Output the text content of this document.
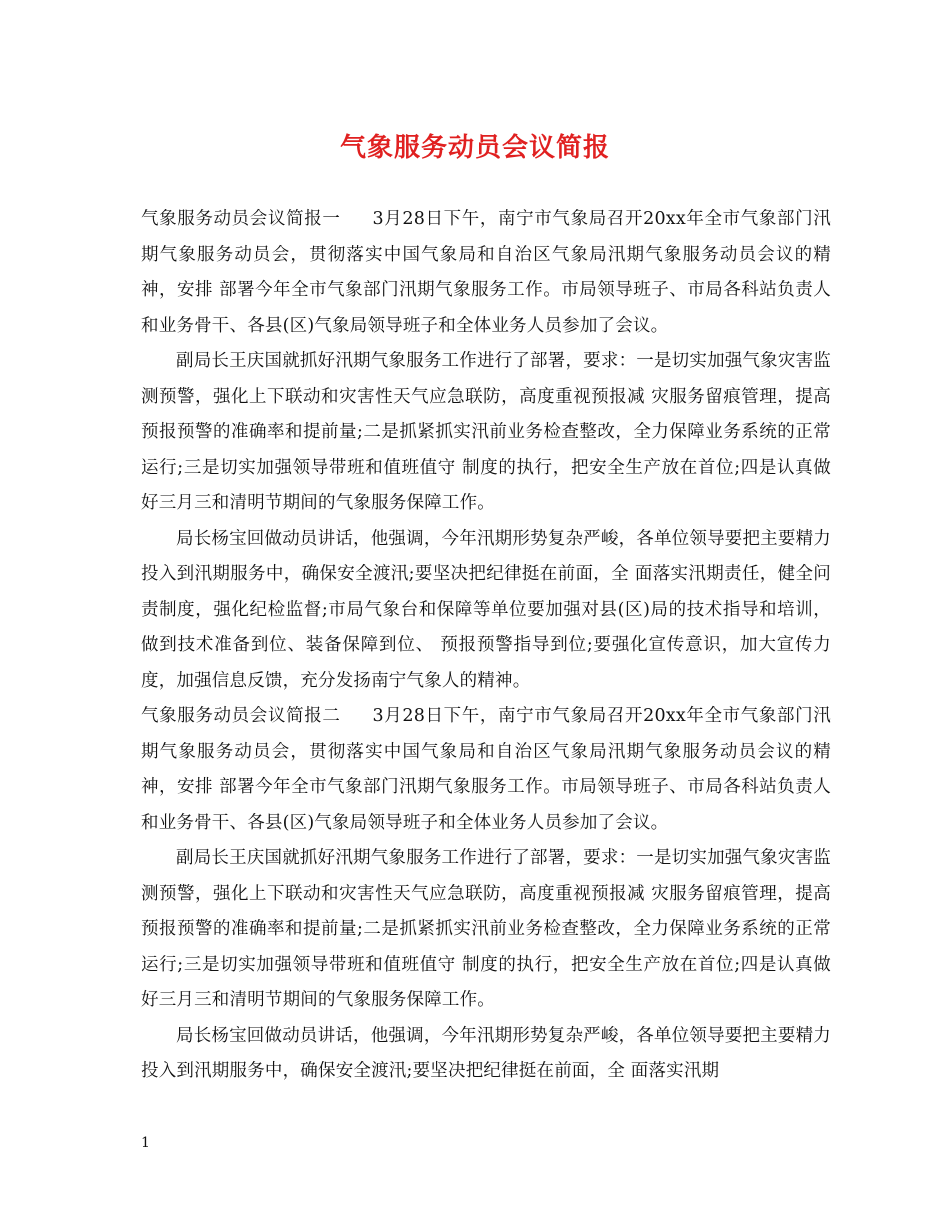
气象服务动员会议简报

气象服务动员会议简报一 3月28日下午，南宁市气象局召开20xx年全市气象部门汛期气象服务动员会，贯彻落实中国气象局和自治区气象局汛期气象服务动员会议的精神，安排 部署今年全市气象部门汛期气象服务工作。市局领导班子、市局各科站负责人和业务骨干、各县(区)气象局领导班子和全体业务人员参加了会议。

副局长王庆国就抓好汛期气象服务工作进行了部署，要求：一是切实加强气象灾害监测预警，强化上下联动和灾害性天气应急联防，高度重视预报减 灾服务留痕管理，提高预报预警的准确率和提前量;二是抓紧抓实汛前业务检查整改，全力保障业务系统的正常运行;三是切实加强领导带班和值班值守 制度的执行，把安全生产放在首位;四是认真做好三月三和清明节期间的气象服务保障工作。

局长杨宝回做动员讲话，他强调，今年汛期形势复杂严峻，各单位领导要把主要精力投入到汛期服务中，确保安全渡汛;要坚决把纪律挺在前面，全 面落实汛期责任，健全问责制度，强化纪检监督;市局气象台和保障等单位要加强对县(区)局的技术指导和培训，做到技术准备到位、装备保障到位、 预报预警指导到位;要强化宣传意识，加大宣传力度，加强信息反馈，充分发扬南宁气象人的精神。

气象服务动员会议简报二 3月28日下午，南宁市气象局召开20xx年全市气象部门汛期气象服务动员会，贯彻落实中国气象局和自治区气象局汛期气象服务动员会议的精神，安排 部署今年全市气象部门汛期气象服务工作。市局领导班子、市局各科站负责人和业务骨干、各县(区)气象局领导班子和全体业务人员参加了会议。

副局长王庆国就抓好汛期气象服务工作进行了部署，要求：一是切实加强气象灾害监测预警，强化上下联动和灾害性天气应急联防，高度重视预报减 灾服务留痕管理，提高预报预警的准确率和提前量;二是抓紧抓实汛前业务检查整改，全力保障业务系统的正常运行;三是切实加强领导带班和值班值守 制度的执行，把安全生产放在首位;四是认真做好三月三和清明节期间的气象服务保障工作。

局长杨宝回做动员讲话，他强调，今年汛期形势复杂严峻，各单位领导要把主要精力投入到汛期服务中，确保安全渡汛;要坚决把纪律挺在前面，全 面落实汛期

1
